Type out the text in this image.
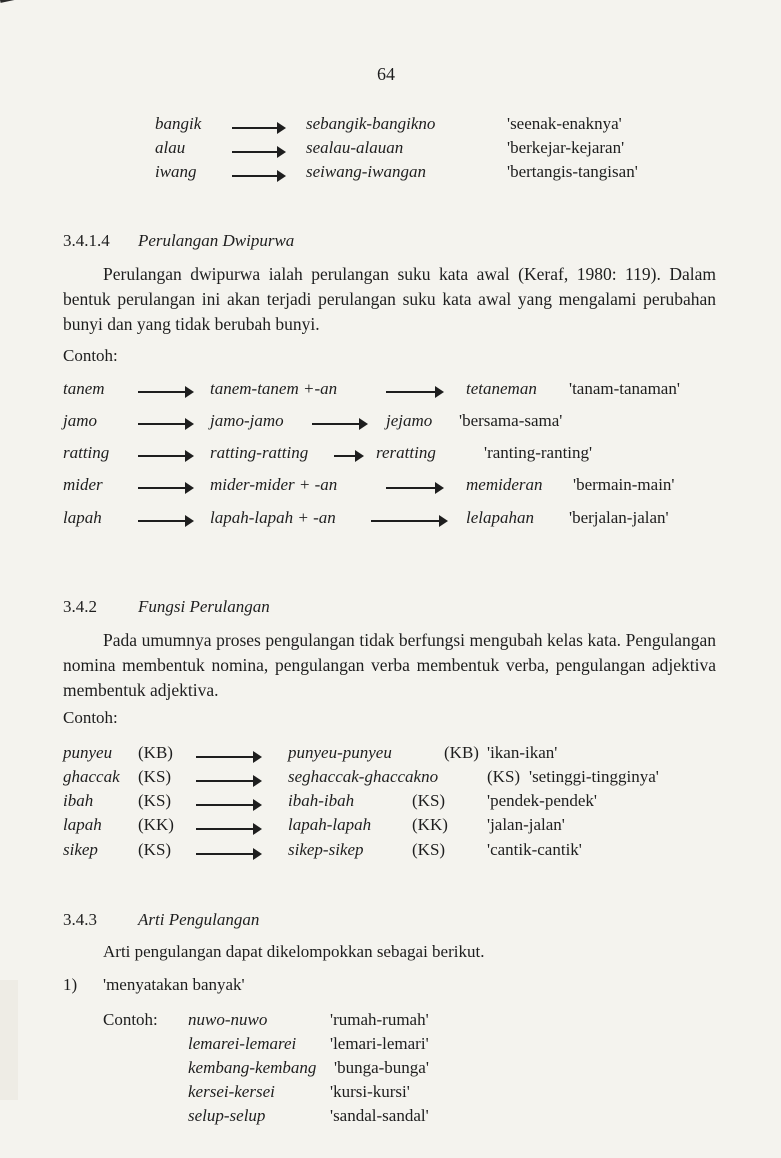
64
bangik	sebangik-bangikno	'seenak-enaknya'
alau	sealau-alauan	'berkejar-kejaran'
iwang	seiwang-iwangan	'bertangis-tangisan'
3.4.1.4 Perulangan Dwipurwa
Perulangan dwipurwa ialah perulangan suku kata awal (Keraf, 1980: 119). Dalam bentuk perulangan ini akan terjadi perulangan suku kata awal yang mengalami perubahan bunyi dan yang tidak berubah bunyi.
Contoh:
tanem	tanem-tanem +-an	tetaneman 'tanam-tanaman'
jamo	jamo-jamo	jejamo 'bersama-sama'
ratting	ratting-ratting	reratting	'ranting-ranting'
mider	mider-mider + -an	memideran 'bermain-main'
lapah	lapah-lapah + -an	lelapahan 'berjalan-jalan'
3.4.2 Fungsi Perulangan
Pada umumnya proses pengulangan tidak berfungsi mengubah kelas kata. Pengulangan nomina membentuk nomina, pengulangan verba membentuk verba, pengulangan adjektiva membentuk adjektiva.
Contoh:
punyeu (KB)	punyeu-punyeu	(KB) 'ikan-ikan'
ghaccak (KS)	seghaccak-ghaccakno	(KS) 'setinggi-tingginya'
ibah	(KS)	ibah-ibah	(KS) 'pendek-pendek'
lapah (KK)	lapah-lapah (KK) 'jalan-jalan'
sikep (KS)	sikep-sikep	(KS) 'cantik-cantik'
3.4.3 Arti Pengulangan
Arti pengulangan dapat dikelompokkan sebagai berikut.
1) 'menyatakan banyak'
Contoh: nuwo-nuwo	'rumah-rumah'
lemarei-lemarei 'lemari-lemari'
kembang-kembang 'bunga-bunga'
kersei-kersei	'kursi-kursi'
selup-selup	'sandal-sandal'
